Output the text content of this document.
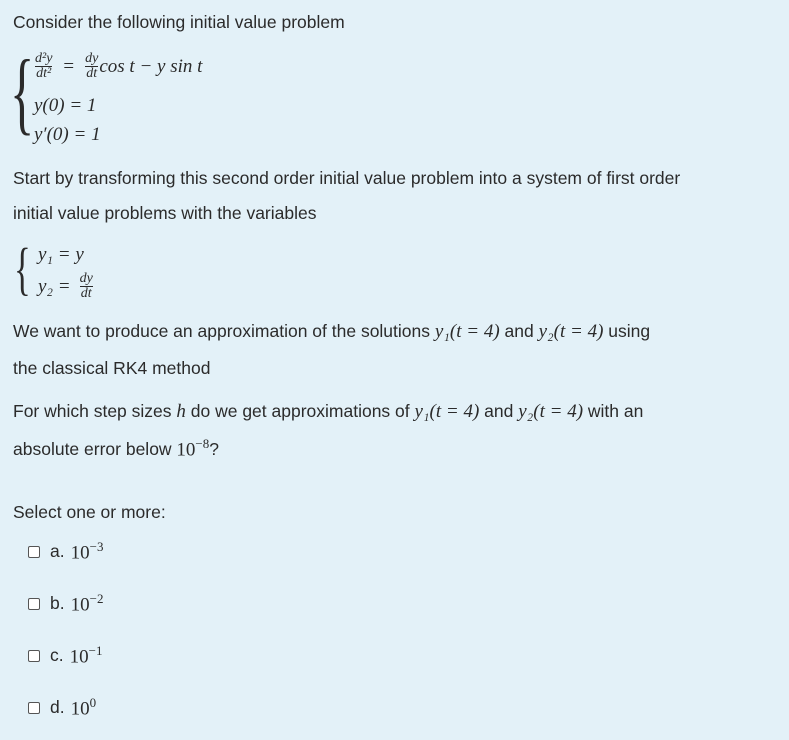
Consider the following initial value problem
{ $\frac{\text{d²y}}{\text{dt²}} = \frac{dy}{dt}$ cos t − y sin t
y(0) = 1
y′(0) = 1
Start by transforming this second order initial value problem into a system of first order
initial value problems with the variables
{ y₁ = y
$y_2 = \frac{dy}{dt}$
We want to produce an approximation of the solutions y₁(t = 4) and y₂(t = 4) using
the classical RK4 method
For which step sizes h do we get approximations of y₁(t = 4) and y₂(t = 4) with an
absolute error below $10^{-8}$ ?
Select one or more:
a. $10^{-3}$
b. $10^{-2}$
c. $10^{-1}$
d. $10^0$
